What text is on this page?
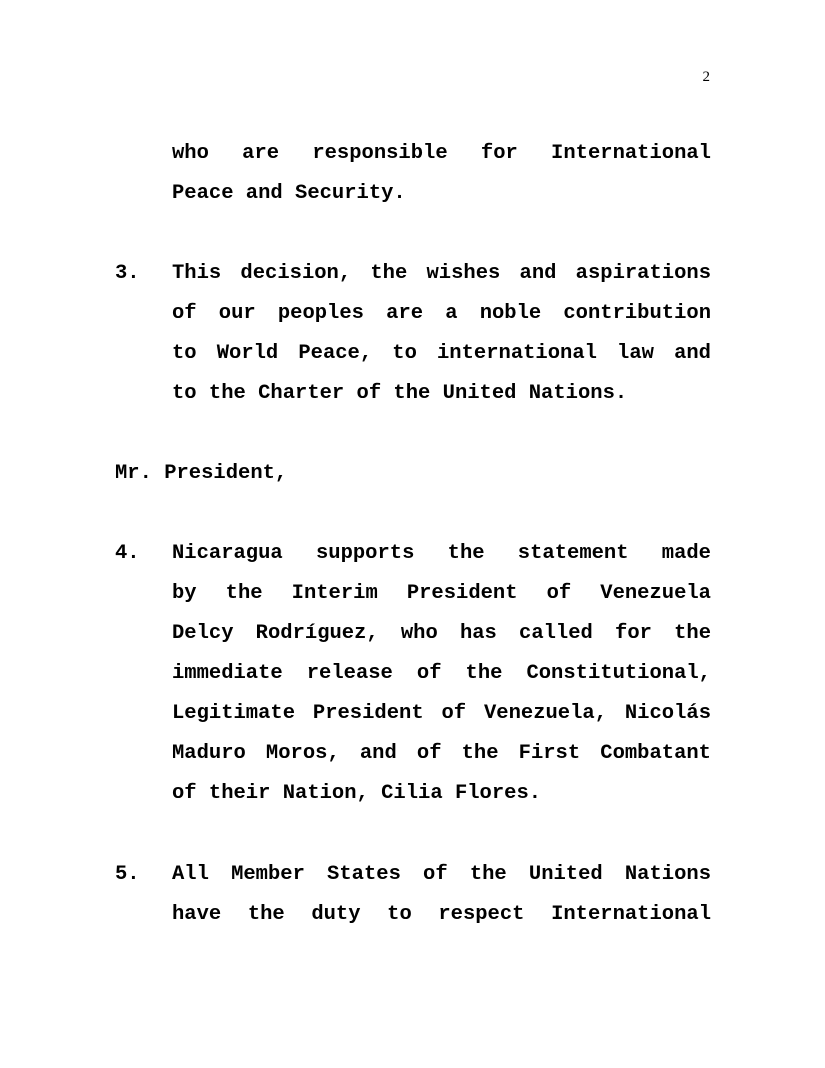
2
who are responsible for International
Peace and Security.
3. This decision, the wishes and aspirations
of our peoples are a noble contribution
to World Peace, to international law and
to the Charter of the United Nations.
Mr. President,
4. Nicaragua supports the statement made
by the Interim President of Venezuela
Delcy Rodríguez, who has called for the
immediate release of the Constitutional,
Legitimate President of Venezuela, Nicolás
Maduro Moros, and of the First Combatant
of their Nation, Cilia Flores.
5. All Member States of the United Nations
have the duty to respect International
